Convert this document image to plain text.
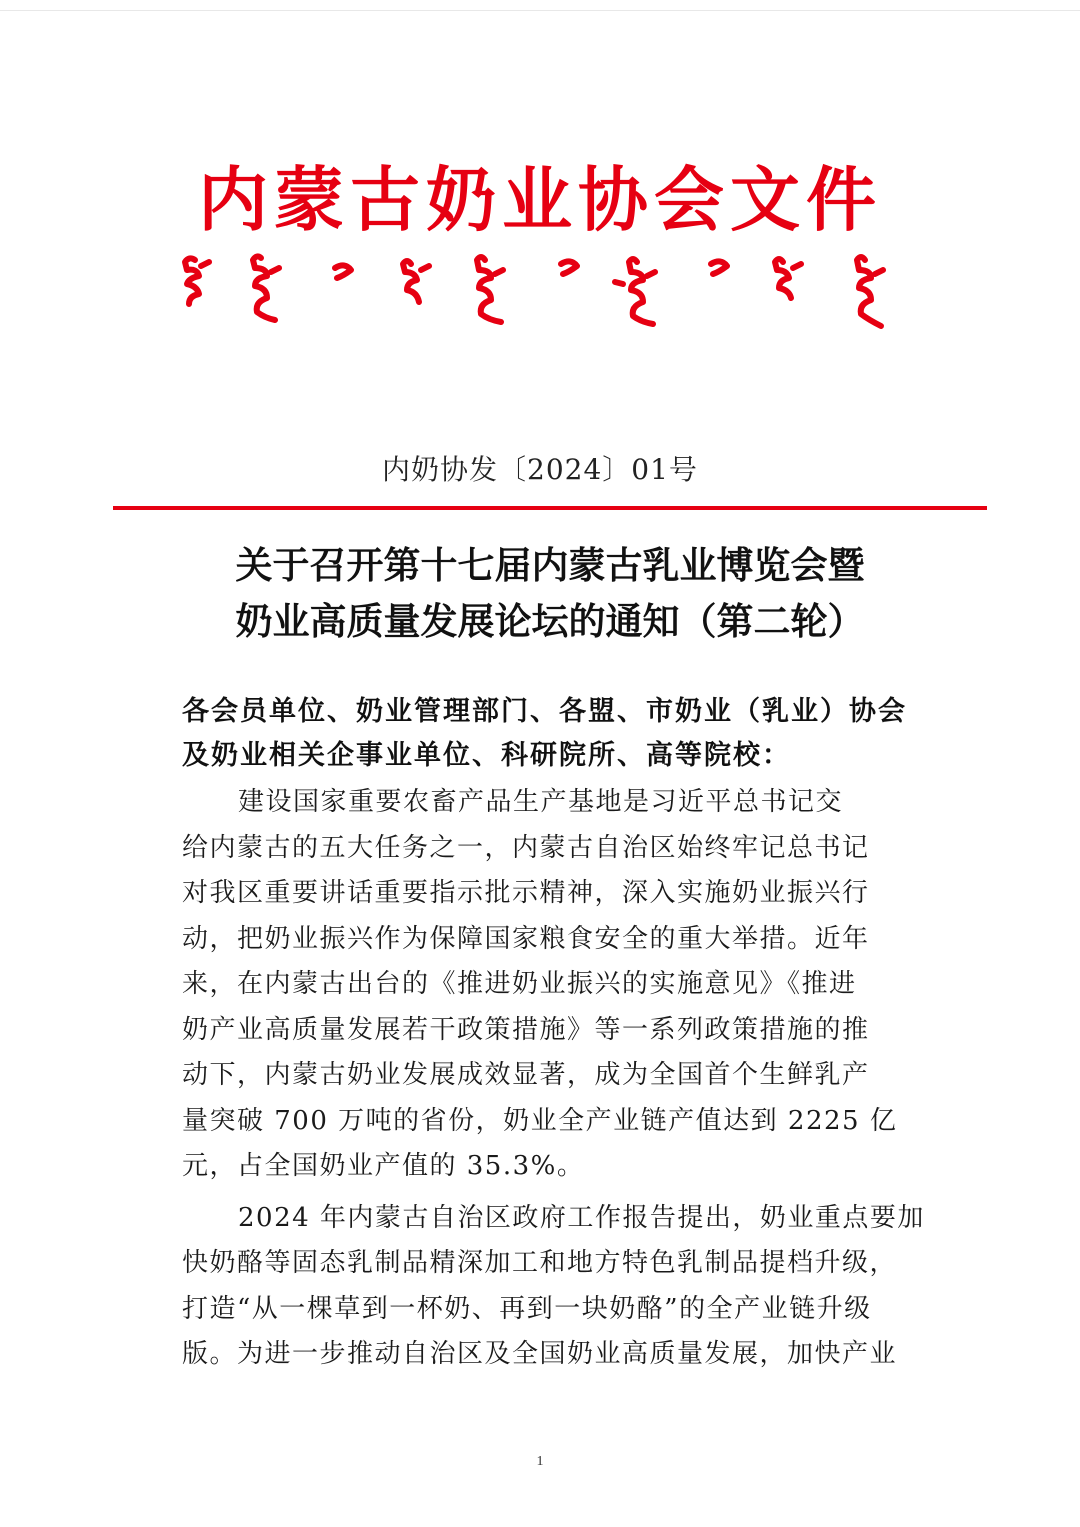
内蒙古奶业协会文件
内奶协发〔2024〕01号
关于召开第十七届内蒙古乳业博览会暨
奶业高质量发展论坛的通知（第二轮）
各会员单位、奶业管理部门、各盟、市奶业（乳业）协会
及奶业相关企事业单位、科研院所、高等院校：
建设国家重要农畜产品生产基地是习近平总书记交
给内蒙古的五大任务之一，内蒙古自治区始终牢记总书记
对我区重要讲话重要指示批示精神，深入实施奶业振兴行
动，把奶业振兴作为保障国家粮食安全的重大举措。近年
来，在内蒙古出台的《推进奶业振兴的实施意见》《推进
奶产业高质量发展若干政策措施》等一系列政策措施的推
动下，内蒙古奶业发展成效显著，成为全国首个生鲜乳产
量突破 700 万吨的省份，奶业全产业链产值达到 2225 亿
元，占全国奶业产值的 35.3%。
2024 年内蒙古自治区政府工作报告提出，奶业重点要加
快奶酪等固态乳制品精深加工和地方特色乳制品提档升级，
打造“从一棵草到一杯奶、再到一块奶酪”的全产业链升级
版。为进一步推动自治区及全国奶业高质量发展，加快产业
1
